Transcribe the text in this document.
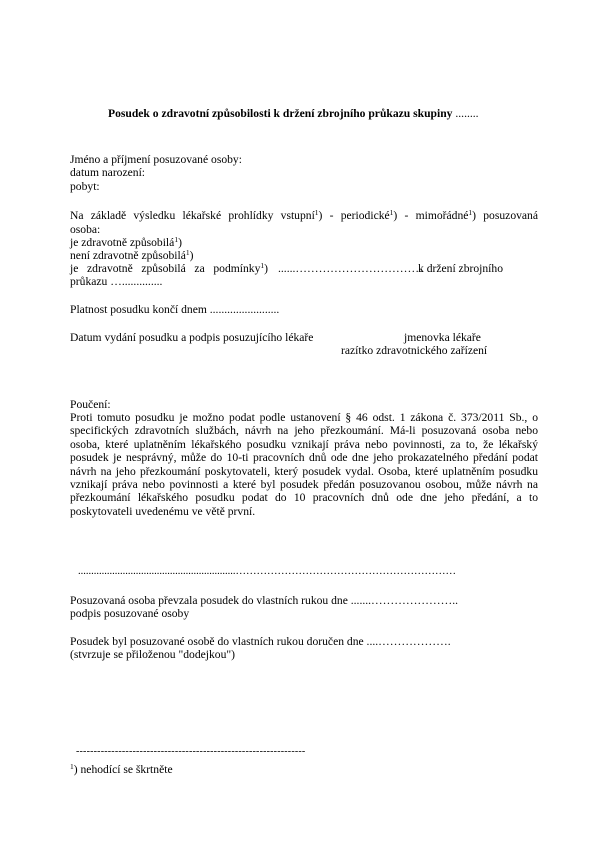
Posudek o zdravotní způsobilosti k držení zbrojního průkazu skupiny ........
Jméno a příjmení posuzované osoby:
datum narození:
pobyt:
Na základě výsledku lékařské prohlídky vstupní$^1$) - periodické$^1$) - mimořádné$^1$) posuzovaná
osoba:
je zdravotně způsobilá$^1$)
není zdravotně způsobilá$^1$)
je zdravotně způsobilá za podmínky$^1$) ......……………………………
k držení zbrojního
průkazu …..............
Platnost posudku končí dnem ........................
Datum vydání posudku a podpis posuzujícího lékaře	jmenovka lékaře
razítko zdravotnického zařízení
Poučení:
Proti tomuto posudku je možno podat podle ustanovení § 46 odst. 1 zákona č. 373/2011 Sb., o
specifických zdravotních službách, návrh na jeho přezkoumání. Má-li posuzovaná osoba nebo
osoba, které uplatněním lékařského posudku vznikají práva nebo povinnosti, za to, že lékařský
posudek je nesprávný, může do 10-ti pracovních dnů ode dne jeho prokazatelného předání podat
návrh na jeho přezkoumání poskytovateli, který posudek vydal. Osoba, které uplatněním posudku
vznikají práva nebo povinnosti a které byl posudek předán posuzovanou osobou, může návrh na
přezkoumání lékařského posudku podat do 10 pracovních dnů ode dne jeho předání, a to
poskytovateli uvedenému ve větě první.
............................................................………………………………………………………
Posuzovaná osoba převzala posudek do vlastních rukou dne .......…………………..
podpis posuzované osoby
Posudek byl posuzované osobě do vlastních rukou doručen dne ....……………….
(stvrzuje se přiloženou "dodejkou")
-----------------------------------------------------------------
$^1$) nehodící se škrtněte
